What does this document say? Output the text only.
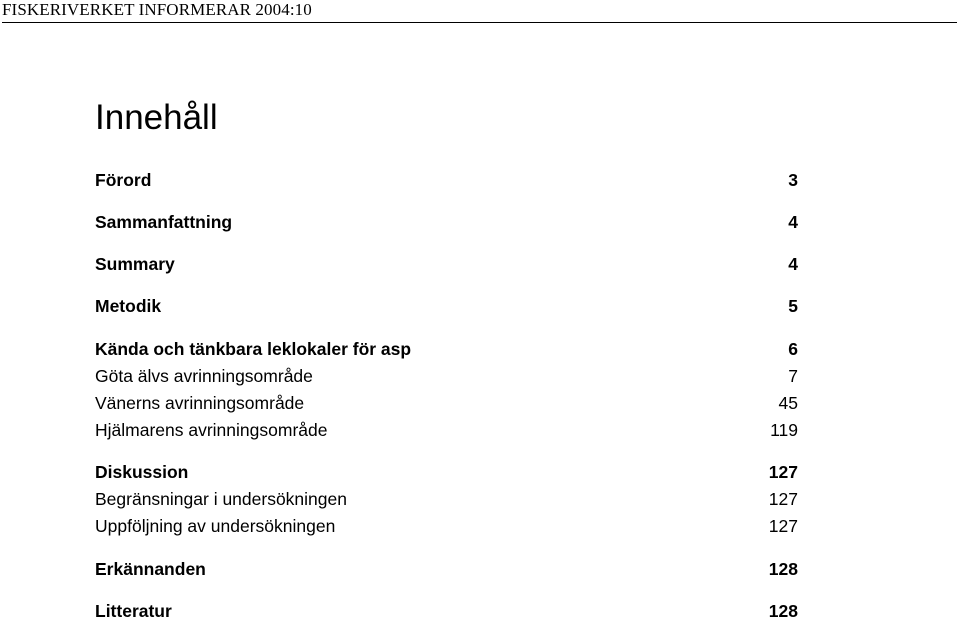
FISKERIVERKET INFORMERAR 2004:10
Innehåll
Förord	3
Sammanfattning	4
Summary	4
Metodik	5
Kända och tänkbara leklokaler för asp	6
Göta älvs avrinningsområde	7
Vänerns avrinningsområde	45
Hjälmarens avrinningsområde	119
Diskussion	127
Begränsningar i undersökningen	127
Uppföljning av undersökningen	127
Erkännanden	128
Litteratur	128
